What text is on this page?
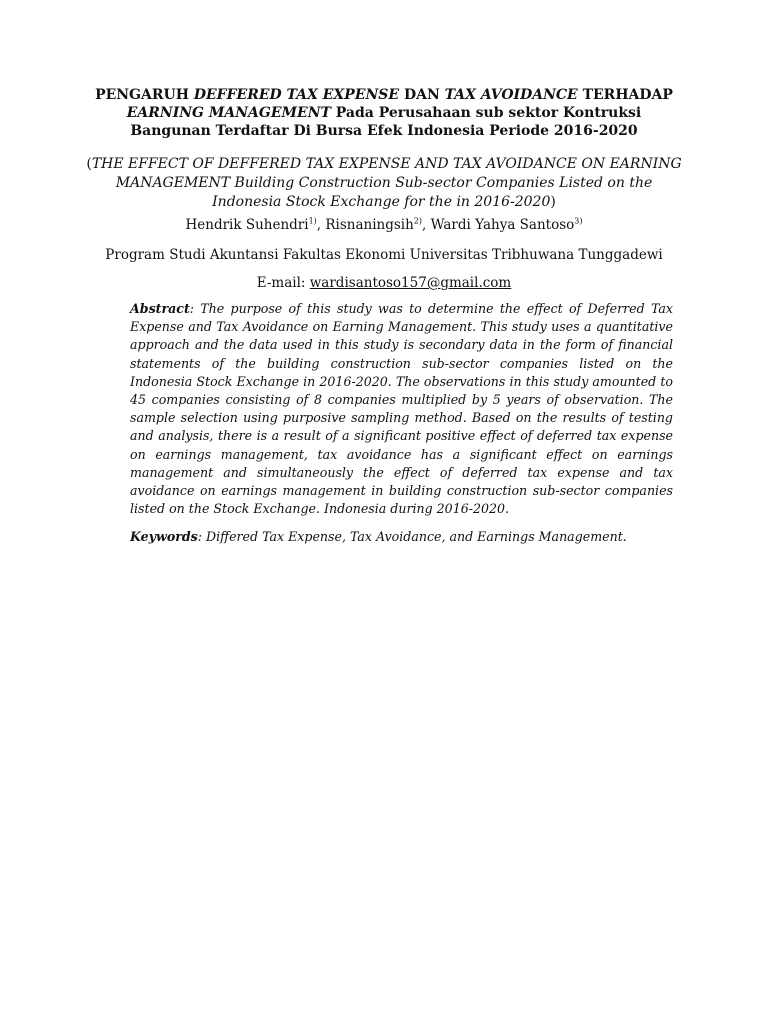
PENGARUH DEFFERED TAX EXPENSE DAN TAX AVOIDANCE TERHADAP EARNING MANAGEMENT Pada Perusahaan sub sektor Kontruksi Bangunan Terdaftar Di Bursa Efek Indonesia Periode 2016-2020
(THE EFFECT OF DEFFERED TAX EXPENSE AND TAX AVOIDANCE ON EARNING MANAGEMENT Building Construction Sub-sector Companies Listed on the Indonesia Stock Exchange for the in 2016-2020)
Hendrik Suhendri$^{1)}$, Risnaningsih$^{2)}$, Wardi Yahya Santoso$^{3)}$
Program Studi Akuntansi Fakultas Ekonomi Universitas Tribhuwana Tunggadewi
E-mail: wardisantoso157@gmail.com
Abstract: The purpose of this study was to determine the effect of Deferred Tax Expense and Tax Avoidance on Earning Management. This study uses a quantitative approach and the data used in this study is secondary data in the form of financial statements of the building construction sub-sector companies listed on the Indonesia Stock Exchange in 2016-2020. The observations in this study amounted to 45 companies consisting of 8 companies multiplied by 5 years of observation. The sample selection using purposive sampling method. Based on the results of testing and analysis, there is a result of a significant positive effect of deferred tax expense on earnings management, tax avoidance has a significant effect on earnings management and simultaneously the effect of deferred tax expense and tax avoidance on earnings management in building construction sub-sector companies listed on the Stock Exchange. Indonesia during 2016-2020.
Keywords: Differed Tax Expense, Tax Avoidance, and Earnings Management.
